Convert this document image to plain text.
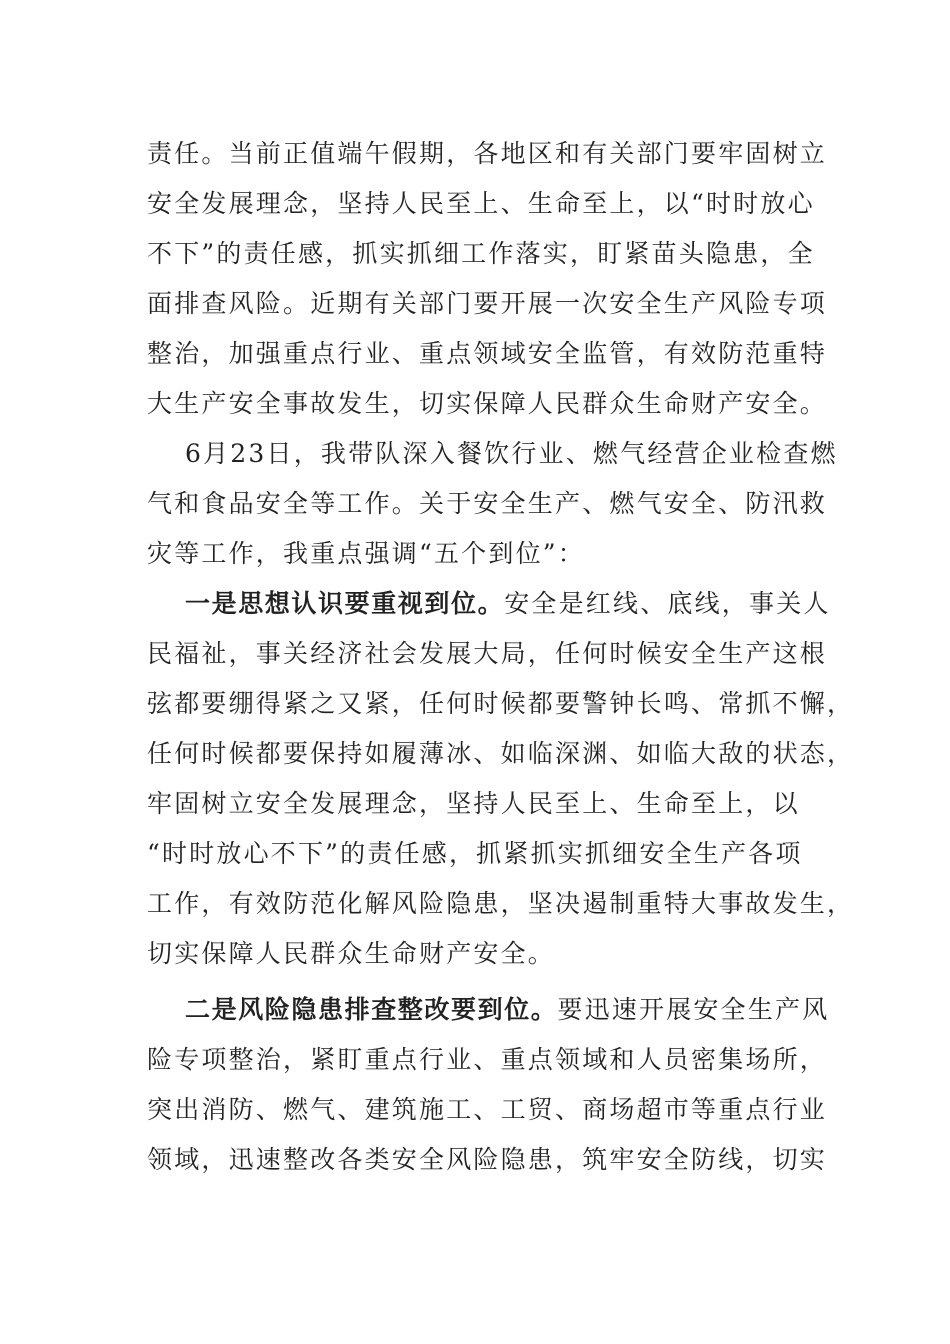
责任。当前正值端午假期，各地区和有关部门要牢固树立
安全发展理念，坚持人民至上、生命至上，以“时时放心
不下”的责任感，抓实抓细工作落实，盯紧苗头隐患，全
面排查风险。近期有关部门要开展一次安全生产风险专项
整治，加强重点行业、重点领域安全监管，有效防范重特
大生产安全事故发生，切实保障人民群众生命财产安全。
6月23日，我带队深入餐饮行业、燃气经营企业检查燃
气和食品安全等工作。关于安全生产、燃气安全、防汛救
灾等工作，我重点强调“五个到位”：
一是思想认识要重视到位。安全是红线、底线，事关人
民福祉，事关经济社会发展大局，任何时候安全生产这根
弦都要绷得紧之又紧，任何时候都要警钟长鸣、常抓不懈，
任何时候都要保持如履薄冰、如临深渊、如临大敌的状态，
牢固树立安全发展理念，坚持人民至上、生命至上，以
“时时放心不下”的责任感，抓紧抓实抓细安全生产各项
工作，有效防范化解风险隐患，坚决遏制重特大事故发生，
切实保障人民群众生命财产安全。
二是风险隐患排查整改要到位。要迅速开展安全生产风
险专项整治，紧盯重点行业、重点领域和人员密集场所，
突出消防、燃气、建筑施工、工贸、商场超市等重点行业
领域，迅速整改各类安全风险隐患，筑牢安全防线，切实
